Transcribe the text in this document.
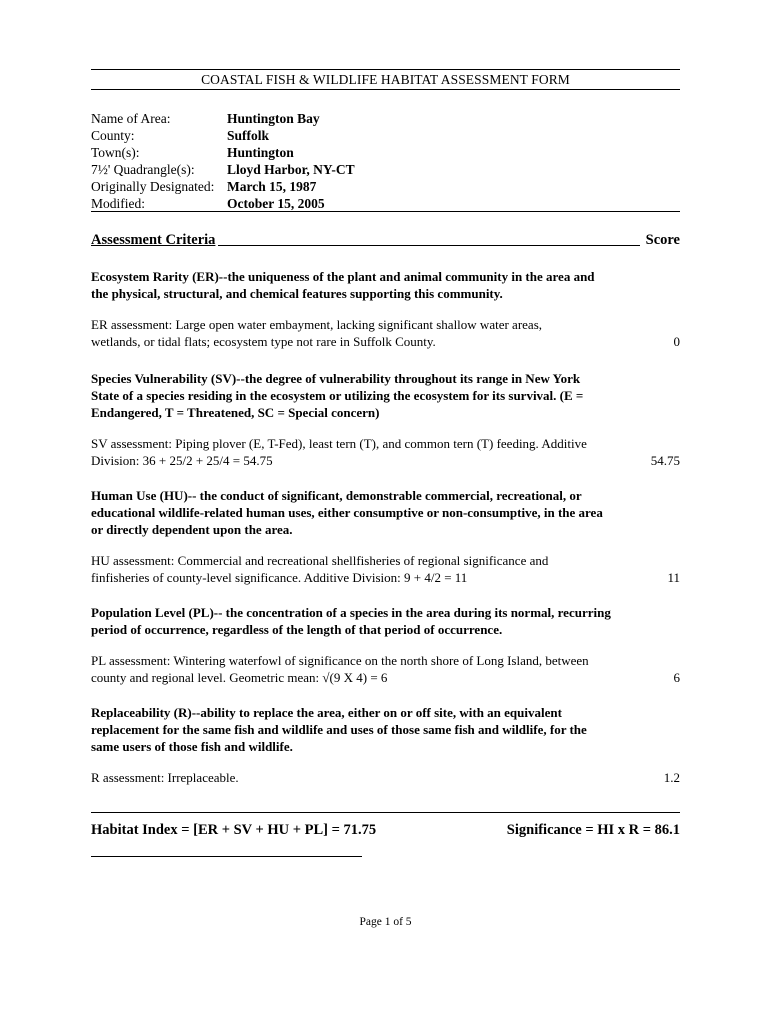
COASTAL FISH & WILDLIFE HABITAT ASSESSMENT FORM
Name of Area:	Huntington Bay
County:	Suffolk
Town(s):	Huntington
7½' Quadrangle(s):	Lloyd Harbor, NY-CT
Originally Designated: March 15, 1987
Modified:	October 15, 2005
Assessment Criteria	Score
Ecosystem Rarity (ER)--the uniqueness of the plant and animal community in the area and the physical, structural, and chemical features supporting this community.
ER assessment: Large open water embayment, lacking significant shallow water areas, wetlands, or tidal flats; ecosystem type not rare in Suffolk County.	0
Species Vulnerability (SV)--the degree of vulnerability throughout its range in New York State of a species residing in the ecosystem or utilizing the ecosystem for its survival. (E = Endangered, T = Threatened, SC = Special concern)
SV assessment: Piping plover (E, T-Fed), least tern (T), and common tern (T) feeding. Additive Division: 36 + 25/2 + 25/4 = 54.75	54.75
Human Use (HU)-- the conduct of significant, demonstrable commercial, recreational, or educational wildlife-related human uses, either consumptive or non-consumptive, in the area or directly dependent upon the area.
HU assessment: Commercial and recreational shellfisheries of regional significance and finfisheries of county-level significance. Additive Division: 9 + 4/2 = 11	11
Population Level (PL)-- the concentration of a species in the area during its normal, recurring period of occurrence, regardless of the length of that period of occurrence.
PL assessment: Wintering waterfowl of significance on the north shore of Long Island, between county and regional level. Geometric mean: √(9 X 4) = 6	6
Replaceability (R)--ability to replace the area, either on or off site, with an equivalent replacement for the same fish and wildlife and uses of those same fish and wildlife, for the same users of those fish and wildlife.
R assessment: Irreplaceable.	1.2
Habitat Index = [ER + SV + HU + PL] = 71.75	Significance = HI x R = 86.1
Page 1 of 5
